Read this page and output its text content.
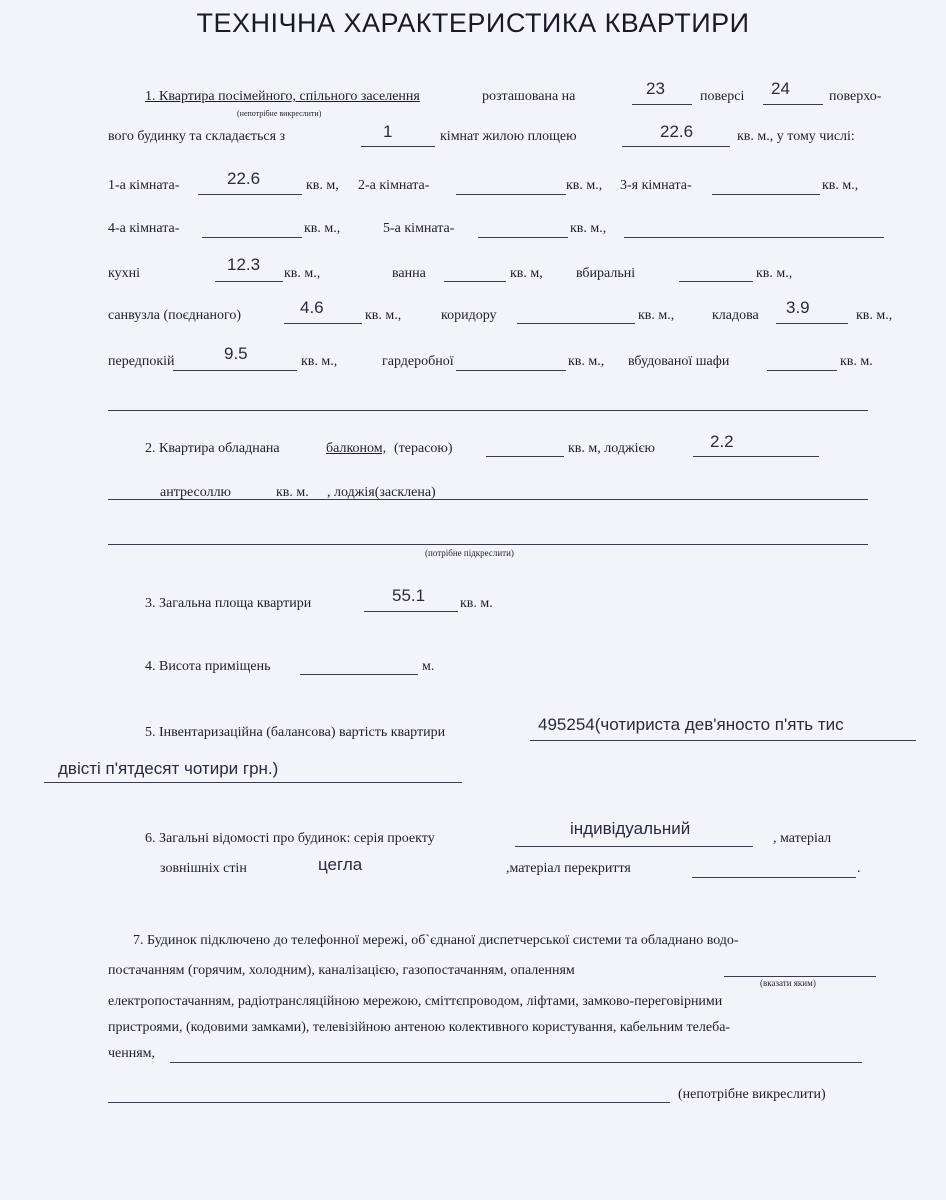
ТЕХНІЧНА ХАРАКТЕРИСТИКА КВАРТИРИ
1. Квартира посімейного, спільного заселення	розташована на	23	поверсі 24	поверхо-
(непотрібне викреслити)
вого будинку та складається з	1	кімнат жилою площею	22.6	кв. м., у тому числі:
1-а кімната-	22.6	кв. м, 2-а кімната-	кв. м., 3-я кімната-	кв. м.,
4-а кімната-	кв. м.,	5-а кімната-	кв. м.,
кухні	12.3 кв. м.,	ванна	кв. м, вбиральні	кв. м.,
санвузла (поєднаного)	4.6	кв. м.,	коридору	кв. м.,	кладова 3.9	кв. м.,
передпокій	9.5	кв. м.,	гардеробної	кв. м., вбудованої шафи	кв. м.
2. Квартира обладнана	балконом, (терасою)	кв. м, лоджією	2.2
антресоллю	кв. м. , лоджія(засклена)
(потрібне підкреслити)
3. Загальна площа квартири	55.1 кв. м.
4. Висота приміщень	м.
5. Інвентаризаційна (балансова) вартість квартири	495254(чотириста дев'яносто п'ять тис
двісті п'ятдесят чотири грн.)
6. Загальні відомості про будинок: серія проекту
індивідуальний
, матеріал
зовнішніх стін	цегла	,матеріал перекриття	.
7. Будинок підключено до телефонної мережі, об`єднаної диспетчерської системи та обладнано водо-
постачанням (горячим, холодним), каналізацією, газопостачанням, опаленням
(вказати яким)
електропостачанням, радіотрансляційною мережою, сміттєпроводом, ліфтами, замково-переговірними
пристроями, (кодовими замками), телевізійною антеною колективного користування, кабельним телеба-
ченням,
(непотрібне викреслити)
